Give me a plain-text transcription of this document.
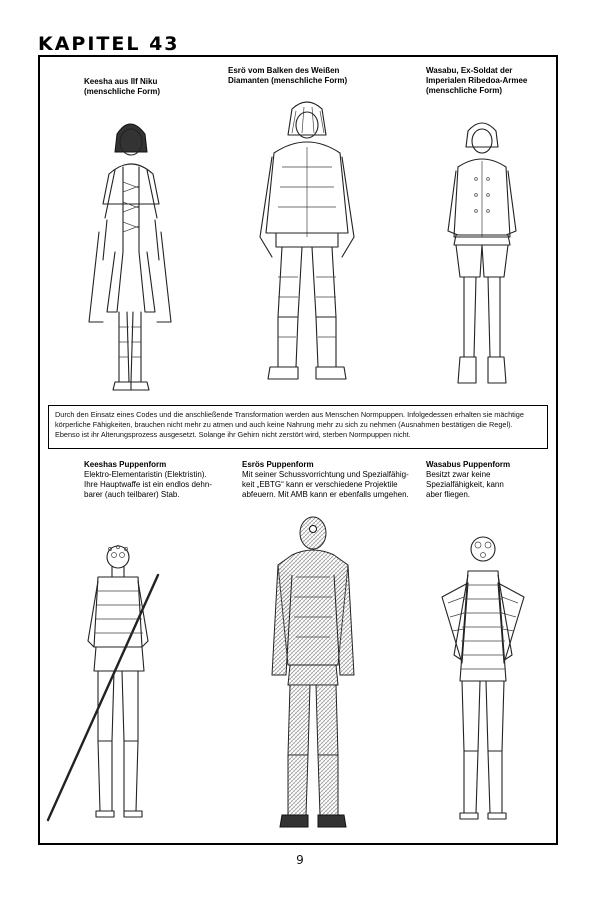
KAPITEL 43
Keesha aus Ilf Niku
(menschliche Form)
Esrö vom Balken des Weißen
Diamanten (menschliche Form)
Wasabu, Ex-Soldat der
Imperialen Ribedoa-Armee
(menschliche Form)
Durch den Einsatz eines Codes und die anschließende Transformation werden aus Menschen Normpuppen. Infolgedessen erhalten sie mächtige
körperliche Fähigkeiten, brauchen nicht mehr zu atmen und auch keine Nahrung mehr zu sich zu nehmen (Ausnahmen bestätigen die Regel).
Ebenso ist ihr Alterungsprozess ausgesetzt. Solange ihr Gehirn nicht zerstört wird, sterben Normpuppen nicht.
Keeshas Puppenform
Elektro-Elementaristin (Elektristin).
Ihre Hauptwaffe ist ein endlos dehn-
barer (auch teilbarer) Stab.
Esrös Puppenform
Mit seiner Schussvorrichtung und Spezialfähig-
keit „EBTG“ kann er verschiedene Projektile
abfeuern. Mit AMB kann er ebenfalls umgehen.
Wasabus Puppenform
Besitzt zwar keine
Spezialfähigkeit, kann
aber fliegen.
9
